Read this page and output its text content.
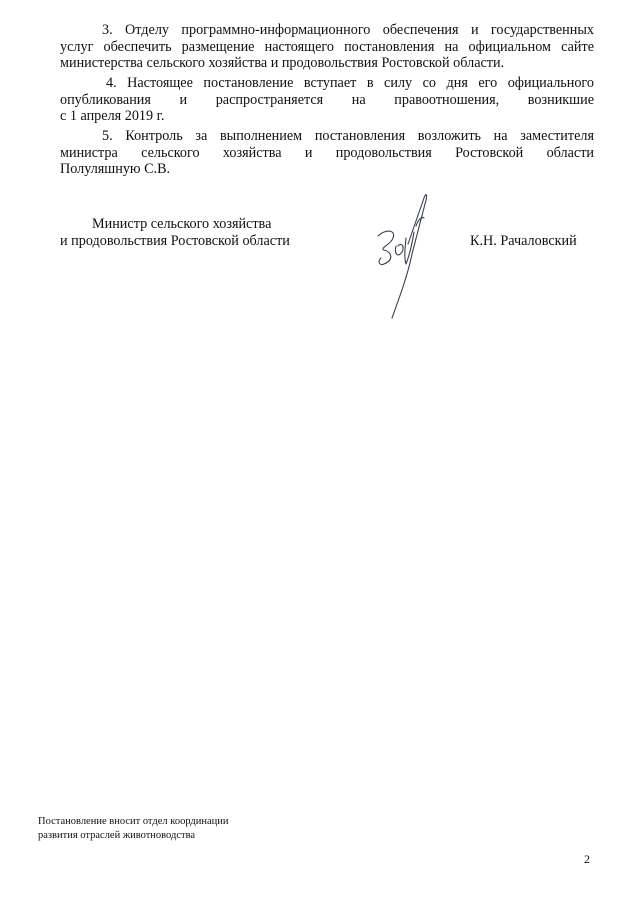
3. Отделу программно-информационного обеспечения и государственных
услуг обеспечить размещение настоящего постановления на официальном сайте
министерства сельского хозяйства и продовольствия Ростовской области.
4. Настоящее постановление вступает в силу со дня его официального
опубликования и распространяется на правоотношения, возникшие
с 1 апреля 2019 г.
5. Контроль за выполнением постановления возложить на заместителя
министра сельского хозяйства и продовольствия Ростовской области
Полуляшную С.В.
Министр сельского хозяйства
и продовольствия Ростовской области	К.Н. Рачаловский
Постановление вносит отдел координации
развития отраслей животноводства
2
